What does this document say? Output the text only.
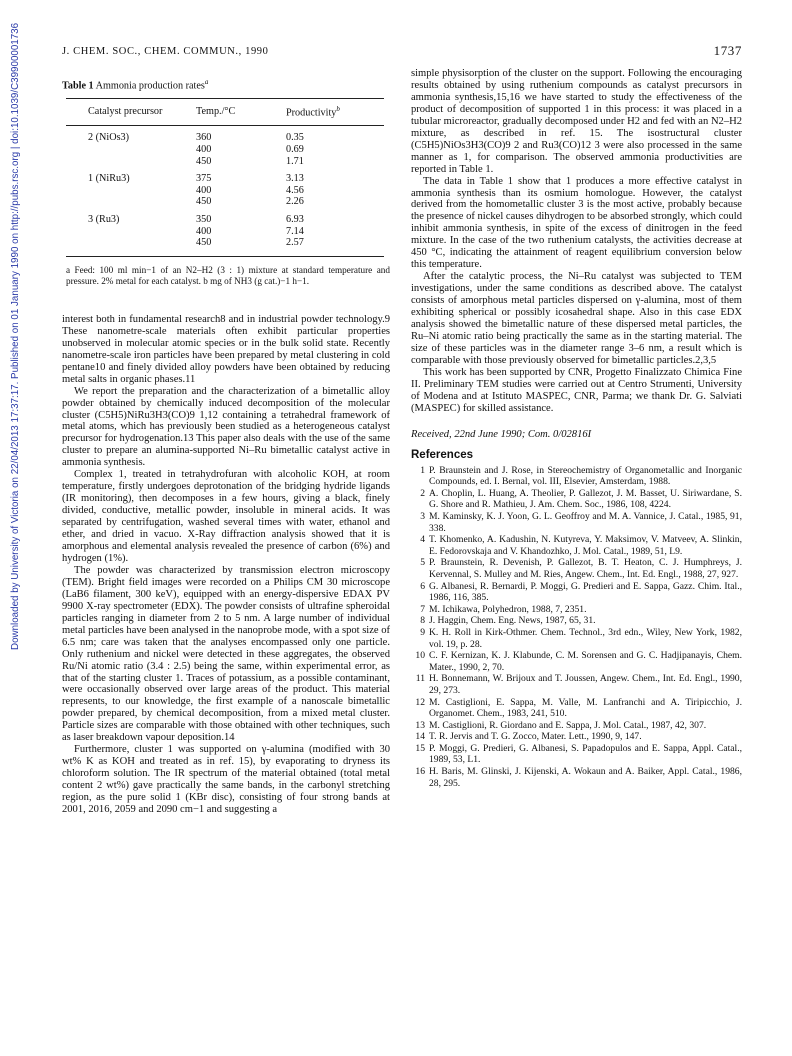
J. CHEM. SOC., CHEM. COMMUN., 1990	1737
Downloaded by University of Victoria on 22/04/2013 17:37:17. Published on 01 January 1990 on http://pubs.rsc.org | doi:10.1039/C39900001736	Table 1 Ammonia production rates$^a$
Catalyst precursor	Temp./°C	Productivity$^b$
2 (NiOs3)	360	0.35
	400	0.69
	450	1.71
1 (NiRu3)	375	3.13
	400	4.56
	450	2.26
3 (Ru3)	350	6.93
	400	7.14
	450	2.57
a Feed: 100 ml min−1 of an N2–H2 (3 : 1) mixture at standard temperature and pressure. 2% metal for each catalyst. b mg of NH3 (g cat.)−1 h−1.

interest both in fundamental research8 and in industrial powder technology.9 These nanometre-scale materials often exhibit particular properties unobserved in molecular atomic species or in the bulk solid state. Recently nanometre-scale iron particles have been prepared by metal clustering in cold pentane10 and finely divided alloy powders have been obtained by reducing metal salts in organic phases.11

We report the preparation and the characterization of a bimetallic alloy powder obtained by chemically induced decomposition of the molecular cluster (C5H5)NiRu3H3(CO)9 1,12 containing a tetrahedral framework of metal atoms, which has previously been studied as a heterogeneous catalyst precursor for hydrogenation.13 This paper also deals with the use of the same cluster to prepare an alumina-supported Ni–Ru bimetallic catalyst active in ammonia synthesis.

Complex 1, treated in tetrahydrofuran with alcoholic KOH, at room temperature, firstly undergoes deprotonation of the bridging hydride ligands (IR monitoring), then decomposes in a few hours, giving a black, finely divided, conductive, metallic powder, insoluble in mineral acids. It was separated by centrifugation, washed several times with water, ethanol and ether, and dried in vacuo. X-Ray diffraction analysis showed that it is amorphous and elemental analysis revealed the presence of carbon (6%) and hydrogen (1%).

The powder was characterized by transmission electron microscopy (TEM). Bright field images were recorded on a Philips CM 30 microscope (LaB6 filament, 300 keV), equipped with an energy-dispersive EDAX PV 9900 X-ray spectrometer (EDX). The powder consists of ultrafine spheroidal particles ranging in diameter from 2 to 5 nm. A large number of individual metal particles have been analysed in the nanoprobe mode, with a spot size of 6.5 nm; care was taken that the analyses encompassed only one particle. Only ruthenium and nickel were detected in these aggregates, the observed Ru/Ni atomic ratio (3.4 : 2.5) being the same, within experimental error, as that of the starting cluster 1. Traces of potassium, as a possible contaminant, were occasionally observed over large areas of the product. This material represents, to our knowledge, the first example of a nanoscale bimetallic powder prepared, by chemical decomposition, from a mixed metal cluster. Particle sizes are comparable with those obtained with other techniques, such as laser breakdown vapour deposition.14

Furthermore, cluster 1 was supported on γ-alumina (modified with 30 wt% K as KOH and treated as in ref. 15), by evaporating to dryness its chloroform solution. The IR spectrum of the material obtained (total metal content 2 wt%) gave practically the same bands, in the carbonyl stretching region, as the pure solid 1 (KBr disc), consisting of four strong bands at 2001, 2016, 2059 and 2090 cm−1 and suggesting a

simple physisorption of the cluster on the support. Following the encouraging results obtained by using ruthenium compounds as catalyst precursors in ammonia synthesis,15,16 we have started to study the effectiveness of the product of decomposition of supported 1 in this process: it was placed in a tubular microreactor, gradually decomposed under H2 and fed with an N2–H2 mixture, as described in ref. 15. The isostructural cluster (C5H5)NiOs3H3(CO)9 2 and Ru3(CO)12 3 were also processed in the same manner as 1, for comparison. The observed ammonia productivities are reported in Table 1.

The data in Table 1 show that 1 produces a more effective catalyst in ammonia synthesis than its osmium homologue. However, the catalyst derived from the homometallic cluster 3 is the most active, probably because the presence of nickel causes dihydrogen to be absorbed strongly, which could inhibit ammonia synthesis, in spite of the excess of dinitrogen in the feed mixture. In the case of the two ruthenium catalysts, the activities decrease at 450 °C, indicating the attainment of reagent equilibrium conversion below this temperature.

After the catalytic process, the Ni–Ru catalyst was subjected to TEM investigations, under the same conditions as described above. The catalyst consists of amorphous metal particles dispersed on γ-alumina, most of them exhibiting spherical or possibly icosahedral shape. Also in this case EDX analysis showed the bimetallic nature of these dispersed metal particles, the Ru–Ni atomic ratio being practically the same as in the starting material. The size of these particles was in the diameter range 3–6 nm, a result which is comparable with those previously observed for bimetallic particles.2,3,5

This work has been supported by CNR, Progetto Finalizzato Chimica Fine II. Preliminary TEM studies were carried out at Centro Strumenti, University of Modena and at Istituto MASPEC, CNR, Parma; we thank Dr. G. Salviati (MASPEC) for skilled assistance.

Received, 22nd June 1990; Com. 0/02816I
References
1 P. Braunstein and J. Rose, in Stereochemistry of Organometallic and Inorganic Compounds, ed. I. Bernal, vol. III, Elsevier, Amsterdam, 1988.
2 A. Choplin, L. Huang, A. Theolier, P. Gallezot, J. M. Basset, U. Siriwardane, S. G. Shore and R. Mathieu, J. Am. Chem. Soc., 1986, 108, 4224.
3 M. Kaminsky, K. J. Yoon, G. L. Geoffroy and M. A. Vannice, J. Catal., 1985, 91, 338.
4 T. Khomenko, A. Kadushin, N. Kutyreva, Y. Maksimov, V. Matveev, A. Slinkin, E. Fedorovskaja and V. Khandozhko, J. Mol. Catal., 1989, 51, L9.
5 P. Braunstein, R. Devenish, P. Gallezot, B. T. Heaton, C. J. Humphreys, J. Kervennal, S. Mulley and M. Ries, Angew. Chem., Int. Ed. Engl., 1988, 27, 927.
6 G. Albanesi, R. Bernardi, P. Moggi, G. Predieri and E. Sappa, Gazz. Chim. Ital., 1986, 116, 385.
7 M. Ichikawa, Polyhedron, 1988, 7, 2351.
8 J. Haggin, Chem. Eng. News, 1987, 65, 31.
9 K. H. Roll in Kirk-Othmer. Chem. Technol., 3rd edn., Wiley, New York, 1982, vol. 19, p. 28.
10 C. F. Kernizan, K. J. Klabunde, C. M. Sorensen and G. C. Hadjipanayis, Chem. Mater., 1990, 2, 70.
11 H. Bonnemann, W. Brijoux and T. Joussen, Angew. Chem., Int. Ed. Engl., 1990, 29, 273.
12 M. Castiglioni, E. Sappa, M. Valle, M. Lanfranchi and A. Tiripicchio, J. Organomet. Chem., 1983, 241, 510.
13 M. Castiglioni, R. Giordano and E. Sappa, J. Mol. Catal., 1987, 42, 307.
14 T. R. Jervis and T. G. Zocco, Mater. Lett., 1990, 9, 147.
15 P. Moggi, G. Predieri, G. Albanesi, S. Papadopulos and E. Sappa, Appl. Catal., 1989, 53, L1.
16 H. Baris, M. Glinski, J. Kijenski, A. Wokaun and A. Baiker, Appl. Catal., 1986, 28, 295.
